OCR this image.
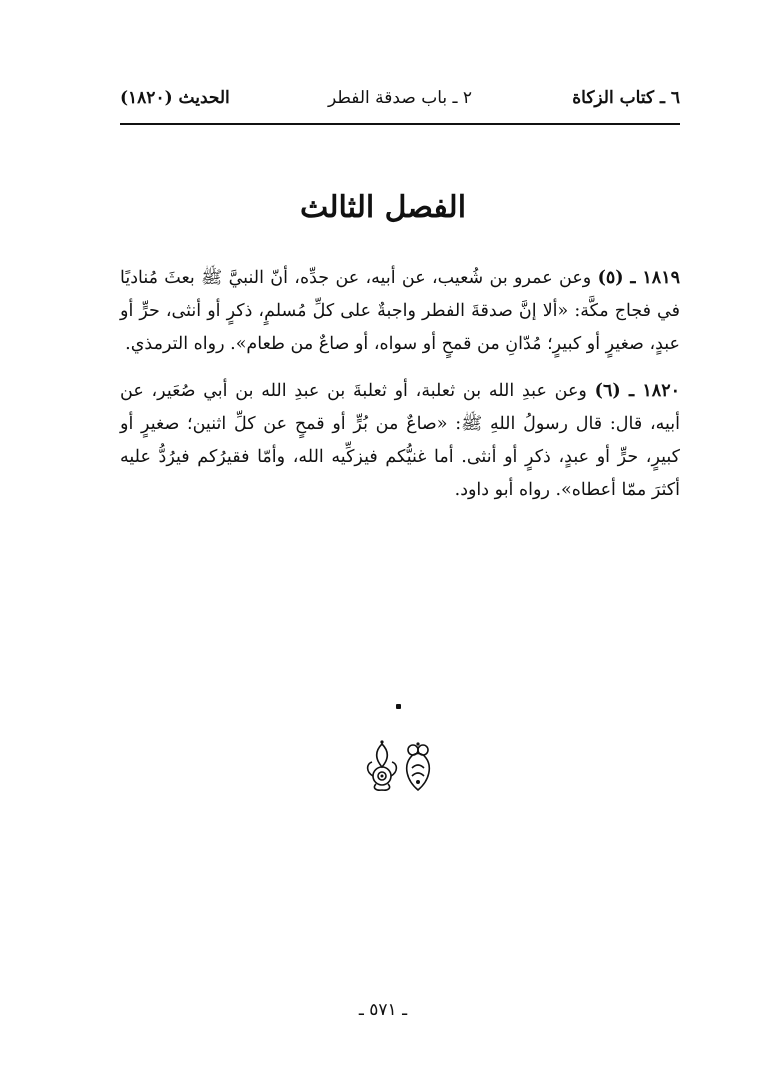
٦ ـ كتاب الزكاة
٢ ـ باب صدقة الفطر
الحديث (١٨٢٠)
الفصل الثالث

١٨١٩ ـ (٥) وعن عمرو بن شُعيب، عن أبيه، عن جدِّه، أنّ النبيَّ ﷺ بعثَ مُناديًا في فجاج مكَّة: «ألا إنَّ صدقةَ الفطر واجبةٌ على كلِّ مُسلمٍ، ذكرٍ أو أنثى، حرٍّ أو عبدٍ، صغيرٍ أو كبيرٍ؛ مُدّانِ من قمحٍ أو سواه، أو صاعٌ من طعام». رواه الترمذي.

١٨٢٠ ـ (٦) وعن عبدِ الله بن ثعلبة، أو ثعلبةَ بن عبدِ الله بن أبي صُعَير، عن أبيه، قال: قال رسولُ اللهِ ﷺ: «صاعٌ من بُرٍّ أو قمحٍ عن كلِّ اثنين؛ صغيرٍ أو كبيرٍ، حرٍّ أو عبدٍ، ذكرٍ أو أنثى. أما غنيُّكم فيزكِّيه الله، وأمّا فقيرُكم فيرُدُّ عليه أكثرَ ممّا أعطاه». رواه أبو داود.

ـ ٥٧١ ـ
